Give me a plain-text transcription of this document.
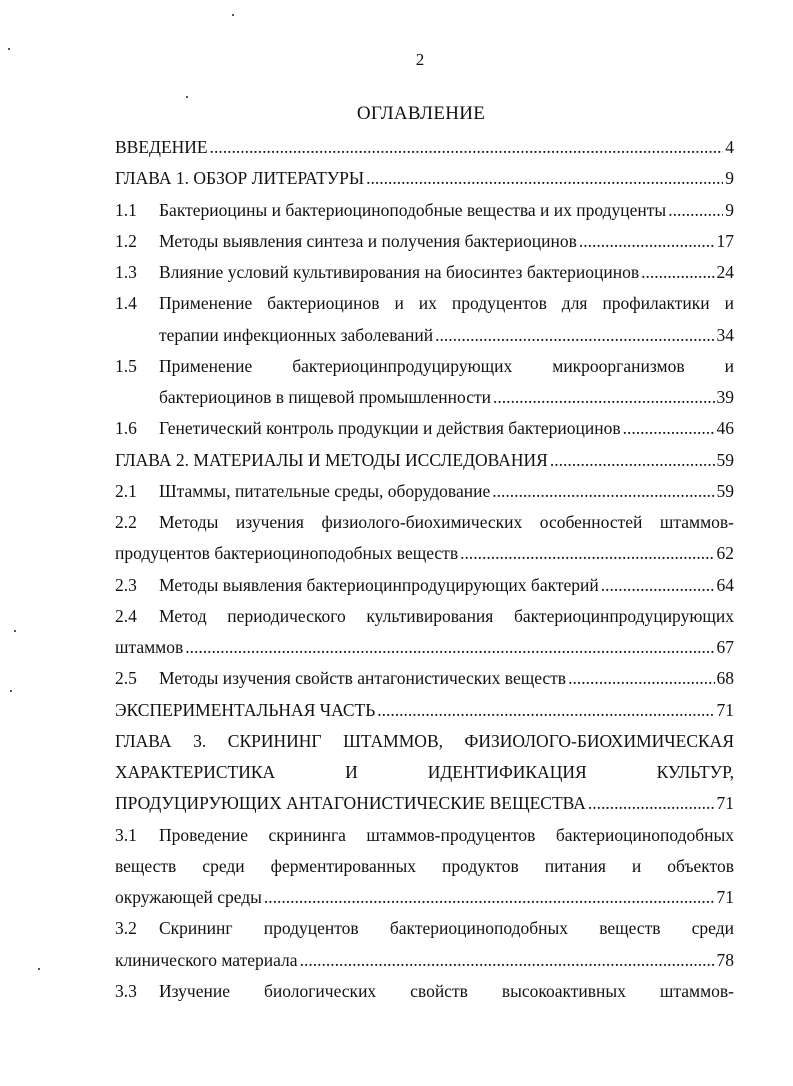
2
ОГЛАВЛЕНИЕ
ВВЕДЕНИЕ .....	4
ГЛАВА 1. ОБЗОР ЛИТЕРАТУРЫ .....	9
1.1	Бактериоцины и бактериоциноподобные вещества и их продуценты .....	9
1.2	Методы выявления синтеза и получения бактериоцинов .....	17
1.3	Влияние условий культивирования на биосинтез бактериоцинов .....	24
1.4 Применение бактериоцинов и их продуцентов для профилактики и
терапии инфекционных заболеваний .....	34
1.5 Применение бактериоцинпродуцирующих микроорганизмов и
бактериоцинов в пищевой промышленности .....	39
1.6	Генетический контроль продукции и действия бактериоцинов .....	46
ГЛАВА 2. МАТЕРИАЛЫ И МЕТОДЫ ИССЛЕДОВАНИЯ .....	59
2.1	Штаммы, питательные среды, оборудование .....	59
2.2 Методы изучения физиолого-биохимических особенностей штаммов-
продуцентов бактериоциноподобных веществ .....	62
2.3	Методы выявления бактериоцинпродуцирующих бактерий .....	64
2.4 Метод периодического культивирования бактериоцинпродуцирующих
штаммов .....	67
2.5	Методы изучения свойств антагонистических веществ .....	68
ЭКСПЕРИМЕНТАЛЬНАЯ ЧАСТЬ .....	71
ГЛАВА 3. СКРИНИНГ ШТАММОВ, ФИЗИОЛОГО-БИОХИМИЧЕСКАЯ
ХАРАКТЕРИСТИКА И ИДЕНТИФИКАЦИЯ КУЛЬТУР,
ПРОДУЦИРУЮЩИХ АНТАГОНИСТИЧЕСКИЕ ВЕЩЕСТВА .....	71
3.1 Проведение скрининга штаммов-продуцентов бактериоциноподобных
веществ среди ферментированных продуктов питания и объектов
окружающей среды .....	71
3.2 Скрининг продуцентов бактериоциноподобных веществ среди
клинического материала .....	78
3.3 Изучение биологических свойств высокоактивных штаммов-
